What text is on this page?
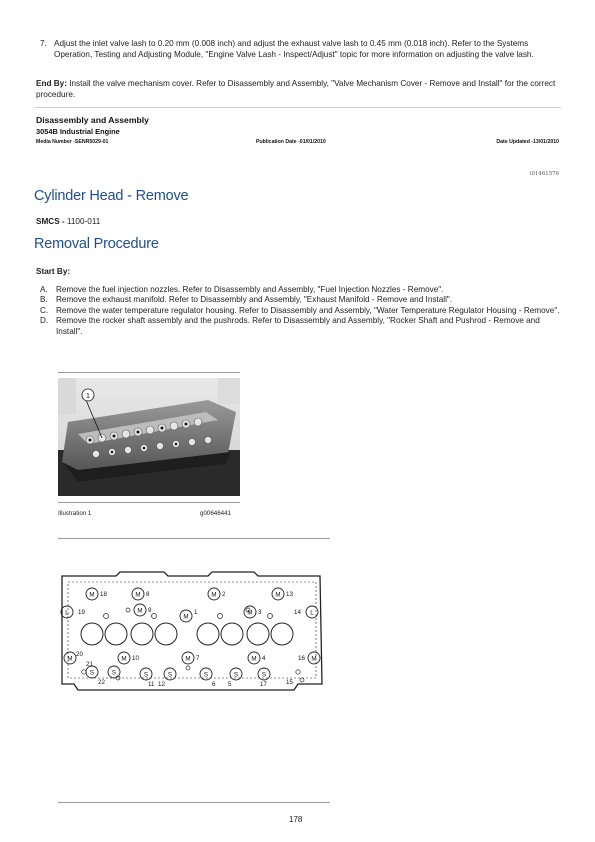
7. Adjust the inlet valve lash to 0.20 mm (0.008 inch) and adjust the exhaust valve lash to 0.45 mm (0.018 inch). Refer to the Systems Operation, Testing and Adjusting Module, "Engine Valve Lash - Inspect/Adjust" topic for more information on adjusting the valve lash.
End By: Install the valve mechanism cover. Refer to Disassembly and Assembly, "Valve Mechanism Cover - Remove and Install" for the correct procedure.
Disassembly and Assembly
3054B Industrial Engine
Media Number -SENR5029-01	Publication Date -01/01/2010	Date Updated -13/01/2010
i01461576
Cylinder Head - Remove
SMCS - 1100-011
Removal Procedure
Start By:
A. Remove the fuel injection nozzles. Refer to Disassembly and Assembly, "Fuel Injection Nozzles - Remove".
B. Remove the exhaust manifold. Refer to Disassembly and Assembly, "Exhaust Manifold - Remove and Install".
C. Remove the water temperature regulator housing. Refer to Disassembly and Assembly, "Water Temperature Regulator Housing - Remove".
D. Remove the rocker shaft assembly and the pushrods. Refer to Disassembly and Assembly, "Rocker Shaft and Pushrod - Remove and Install".
1
Illustration 1	g00646441
M	M	M	M
M
M
M
M	M	M	M	M
L	L
S	S	S	S	S	S	S
18	8	2	13
19	9	1	3	14
20
21
10	7	4	16
22	11 12	6 5	17	15
178
